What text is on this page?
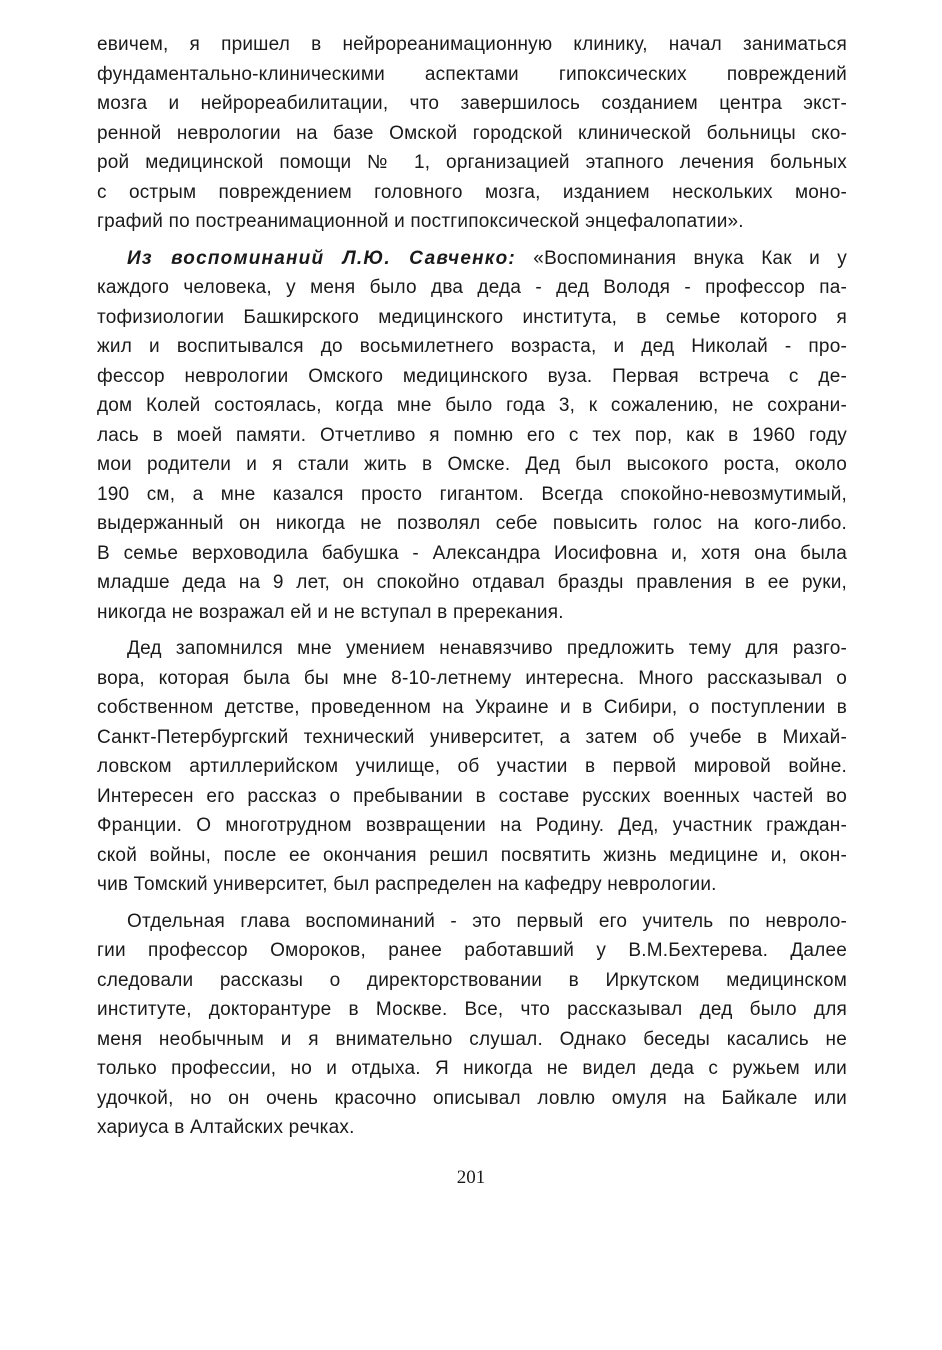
евичем, я пришел в нейрореанимационную клинику, начал заниматься
фундаментально-клиническими аспектами гипоксических повреждений
мозга и нейрореабилитации, что завершилось созданием центра экст-
ренной неврологии на базе Омской городской клинической больницы ско-
рой медицинской помощи № 1, организацией этапного лечения больных
с острым повреждением головного мозга, изданием нескольких моно-
графий по постреанимационной и постгипоксической энцефалопатии».
Из воспоминаний Л.Ю. Савченко: «Воспоминания внука Как и у
каждого человека, у меня было два деда - дед Володя - профессор па-
тофизиологии Башкирского медицинского института, в семье которого я
жил и воспитывался до восьмилетнего возраста, и дед Николай - про-
фессор неврологии Омского медицинского вуза. Первая встреча с де-
дом Колей состоялась, когда мне было года 3, к сожалению, не сохрани-
лась в моей памяти. Отчетливо я помню его с тех пор, как в 1960 году
мои родители и я стали жить в Омске. Дед был высокого роста, около
190 см, а мне казался просто гигантом. Всегда спокойно-невозмутимый,
выдержанный он никогда не позволял себе повысить голос на кого-либо.
В семье верховодила бабушка - Александра Иосифовна и, хотя она была
младше деда на 9 лет, он спокойно отдавал бразды правления в ее руки,
никогда не возражал ей и не вступал в пререкания.
Дед запомнился мне умением ненавязчиво предложить тему для разго-
вора, которая была бы мне 8-10-летнему интересна. Много рассказывал о
собственном детстве, проведенном на Украине и в Сибири, о поступлении в
Санкт-Петербургский технический университет, а затем об учебе в Михай-
ловском артиллерийском училище, об участии в первой мировой войне.
Интересен его рассказ о пребывании в составе русских военных частей во
Франции. О многотрудном возвращении на Родину. Дед, участник граждан-
ской войны, после ее окончания решил посвятить жизнь медицине и, окон-
чив Томский университет, был распределен на кафедру неврологии.
Отдельная глава воспоминаний - это первый его учитель по невроло-
гии профессор Омороков, ранее работавший у В.М.Бехтерева. Далее
следовали рассказы о директорствовании в Иркутском медицинском
институте, докторантуре в Москве. Все, что рассказывал дед было для
меня необычным и я внимательно слушал. Однако беседы касались не
только профессии, но и отдыха. Я никогда не видел деда с ружьем или
удочкой, но он очень красочно описывал ловлю омуля на Байкале или
хариуса в Алтайских речках.
201
